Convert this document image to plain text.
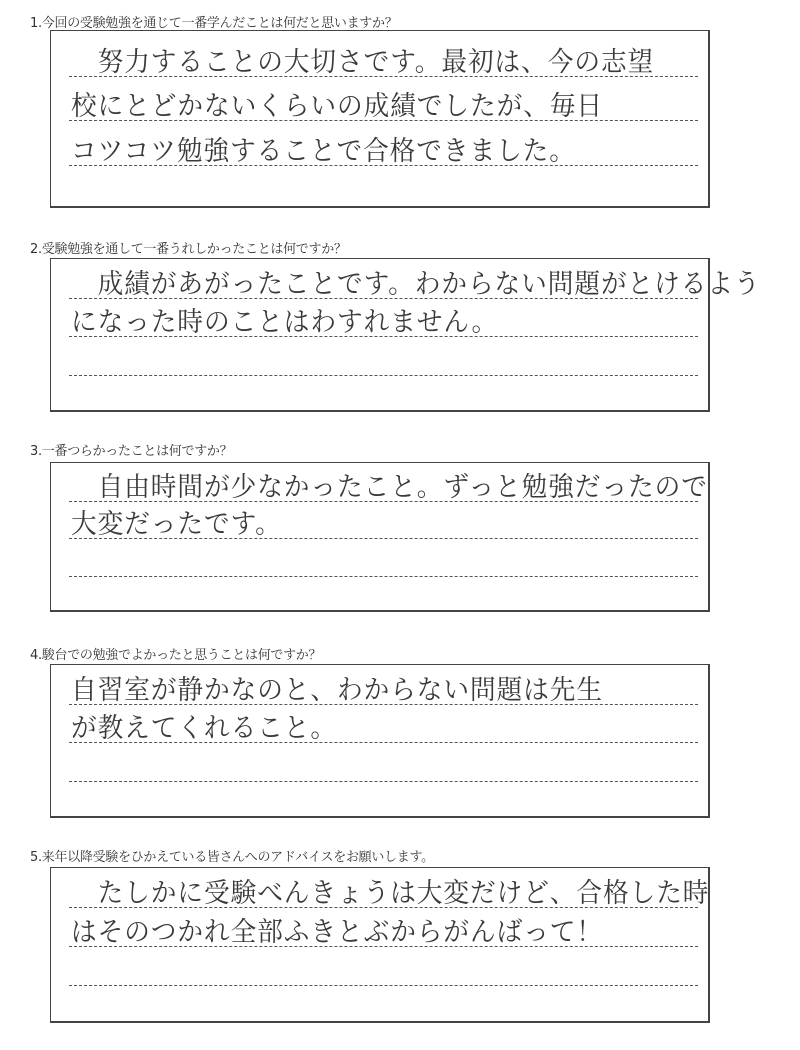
1.今回の受験勉強を通じて一番学んだことは何だと思いますか？
　努力することの大切さです。最初は、今の志望
校にとどかないくらいの成績でしたが、毎日
コツコツ勉強することで合格できました。
2.受験勉強を通して一番うれしかったことは何ですか？
　成績があがったことです。わからない問題がとけるよう
になった時のことはわすれません。
3.一番つらかったことは何ですか？
　自由時間が少なかったこと。ずっと勉強だったので
大変だったです。
4.駿台での勉強でよかったと思うことは何ですか？
自習室が静かなのと、わからない問題は先生
が教えてくれること。
5.来年以降受験をひかえている皆さんへのアドバイスをお願いします。
　たしかに受験べんきょうは大変だけど、合格した時
はそのつかれ全部ふきとぶからがんばって！
